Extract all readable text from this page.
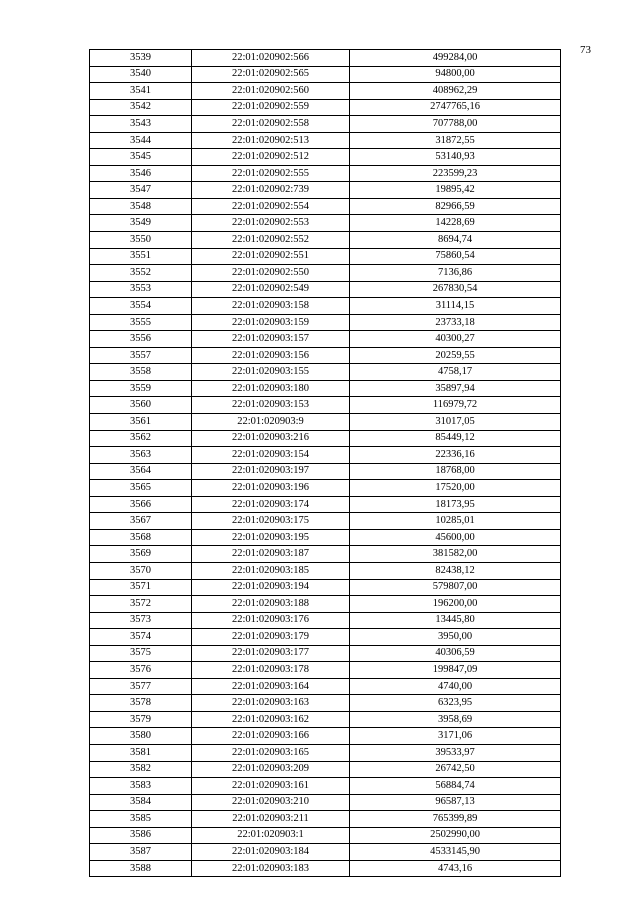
73
3539	22:01:020902:566	499284,00
3540	22:01:020902:565	94800,00
3541	22:01:020902:560	408962,29
3542	22:01:020902:559	2747765,16
3543	22:01:020902:558	707788,00
3544	22:01:020902:513	31872,55
3545	22:01:020902:512	53140,93
3546	22:01:020902:555	223599,23
3547	22:01:020902:739	19895,42
3548	22:01:020902:554	82966,59
3549	22:01:020902:553	14228,69
3550	22:01:020902:552	8694,74
3551	22:01:020902:551	75860,54
3552	22:01:020902:550	7136,86
3553	22:01:020902:549	267830,54
3554	22:01:020903:158	31114,15
3555	22:01:020903:159	23733,18
3556	22:01:020903:157	40300,27
3557	22:01:020903:156	20259,55
3558	22:01:020903:155	4758,17
3559	22:01:020903:180	35897,94
3560	22:01:020903:153	116979,72
3561	22:01:020903:9	31017,05
3562	22:01:020903:216	85449,12
3563	22:01:020903:154	22336,16
3564	22:01:020903:197	18768,00
3565	22:01:020903:196	17520,00
3566	22:01:020903:174	18173,95
3567	22:01:020903:175	10285,01
3568	22:01:020903:195	45600,00
3569	22:01:020903:187	381582,00
3570	22:01:020903:185	82438,12
3571	22:01:020903:194	579807,00
3572	22:01:020903:188	196200,00
3573	22:01:020903:176	13445,80
3574	22:01:020903:179	3950,00
3575	22:01:020903:177	40306,59
3576	22:01:020903:178	199847,09
3577	22:01:020903:164	4740,00
3578	22:01:020903:163	6323,95
3579	22:01:020903:162	3958,69
3580	22:01:020903:166	3171,06
3581	22:01:020903:165	39533,97
3582	22:01:020903:209	26742,50
3583	22:01:020903:161	56884,74
3584	22:01:020903:210	96587,13
3585	22:01:020903:211	765399,89
3586	22:01:020903:1	2502990,00
3587	22:01:020903:184	4533145,90
3588	22:01:020903:183	4743,16
